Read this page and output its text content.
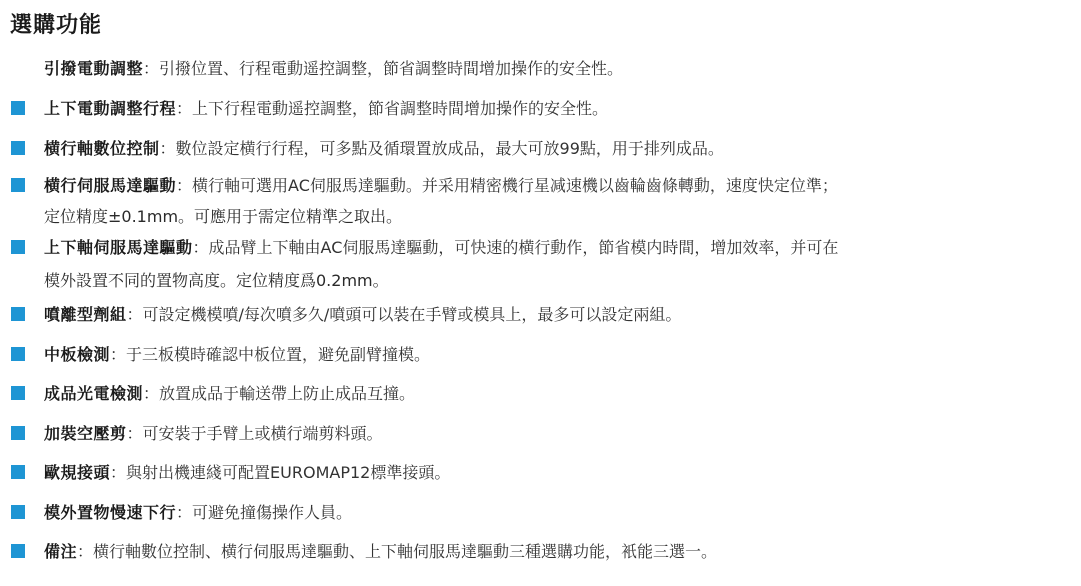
選購功能
引撥電動調整：引撥位置、行程電動遥控調整，節省調整時間增加操作的安全性。
上下電動調整行程：上下行程電動遥控調整，節省調整時間增加操作的安全性。
横行軸數位控制：數位設定横行行程，可多點及循環置放成品，最大可放99點，用于排列成品。
横行伺服馬達驅動：横行軸可選用AC伺服馬達驅動。并采用精密機行星减速機以齒輪齒條轉動，速度快定位準；
定位精度±0.1mm。可應用于需定位精準之取出。
上下軸伺服馬達驅動：成品臂上下軸由AC伺服馬達驅動，可快速的横行動作，節省模内時間，增加效率，并可在
模外設置不同的置物高度。定位精度爲0.2mm。
噴離型劑組：可設定機模噴/每次噴多久/噴頭可以裝在手臂或模具上，最多可以設定兩組。
中板檢測：于三板模時確認中板位置，避免副臂撞模。
成品光電檢測：放置成品于輸送帶上防止成品互撞。
加裝空壓剪：可安裝于手臂上或横行端剪料頭。
歐規接頭：與射出機連綫可配置EUROMAP12標準接頭。
模外置物慢速下行：可避免撞傷操作人員。
備注：横行軸數位控制、横行伺服馬達驅動、上下軸伺服馬達驅動三種選購功能，衹能三選一。
